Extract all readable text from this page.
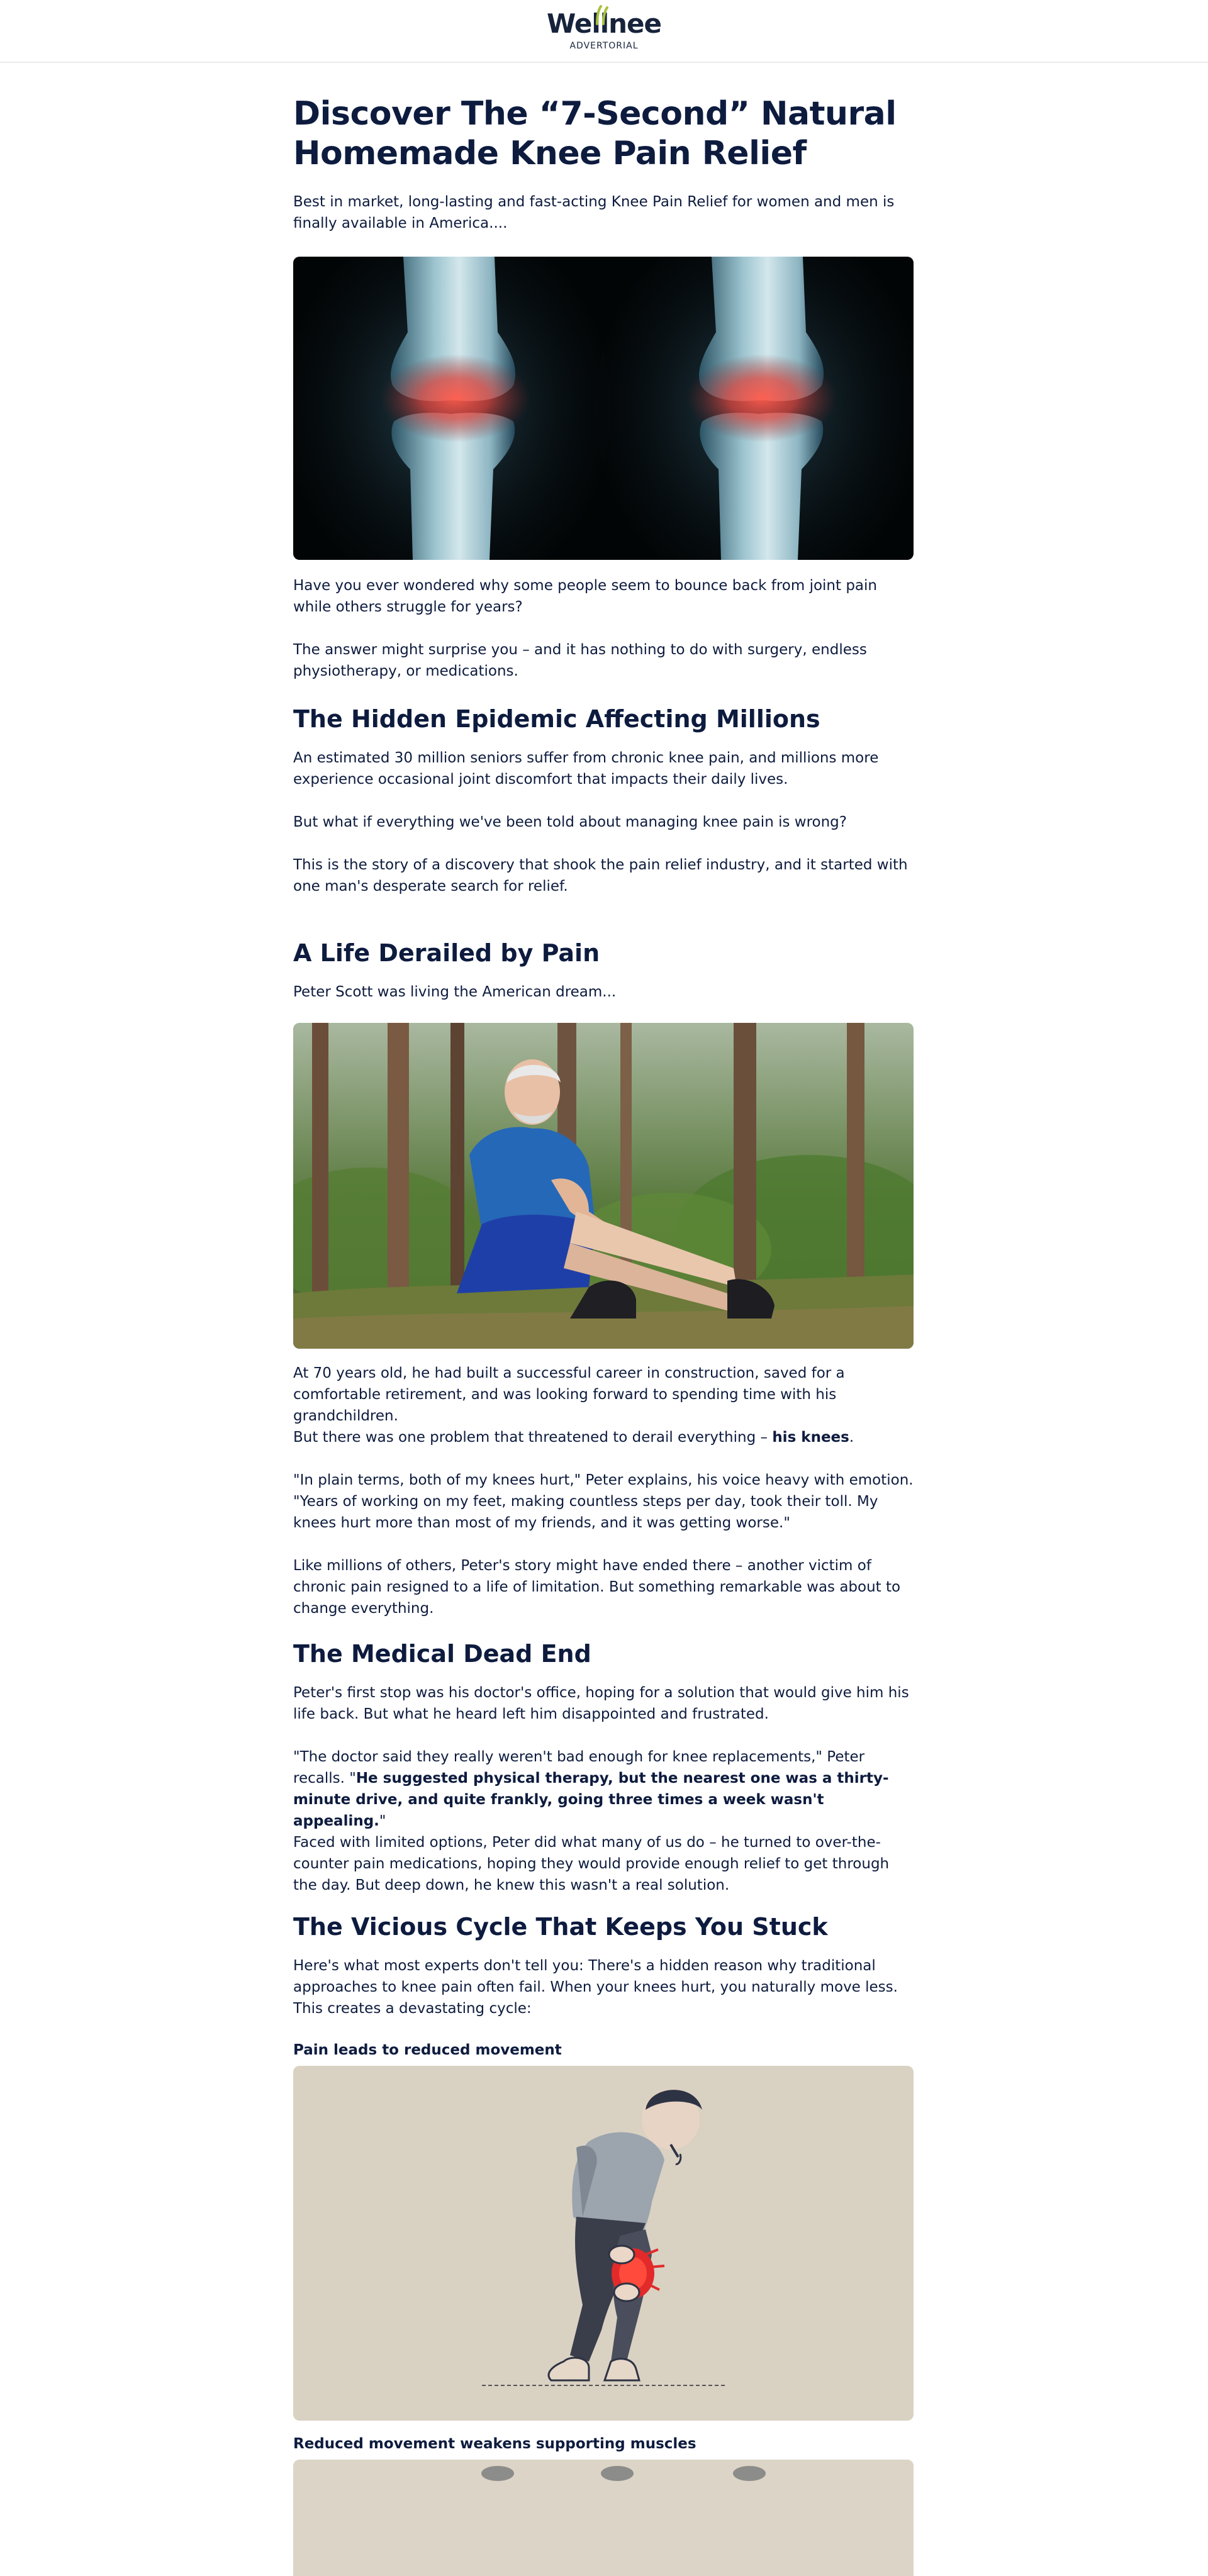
Wellnee
ADVERTORIAL
Discover The “7-Second” Natural Homemade Knee Pain Relief

Best in market, long-lasting and fast-acting Knee Pain Relief for women and men is finally available in America....

Have you ever wondered why some people seem to bounce back from joint pain while others struggle for years?

The answer might surprise you – and it has nothing to do with surgery, endless physiotherapy, or medications.

The Hidden Epidemic Affecting Millions

An estimated 30 million seniors suffer from chronic knee pain, and millions more experience occasional joint discomfort that impacts their daily lives.

But what if everything we've been told about managing knee pain is wrong?

This is the story of a discovery that shook the pain relief industry, and it started with one man's desperate search for relief.

A Life Derailed by Pain

Peter Scott was living the American dream...

At 70 years old, he had built a successful career in construction, saved for a comfortable retirement, and was looking forward to spending time with his grandchildren.

But there was one problem that threatened to derail everything – his knees.

"In plain terms, both of my knees hurt," Peter explains, his voice heavy with emotion. "Years of working on my feet, making countless steps per day, took their toll. My knees hurt more than most of my friends, and it was getting worse."

Like millions of others, Peter's story might have ended there – another victim of chronic pain resigned to a life of limitation. But something remarkable was about to change everything.

The Medical Dead End

Peter's first stop was his doctor's office, hoping for a solution that would give him his life back. But what he heard left him disappointed and frustrated.

"The doctor said they really weren't bad enough for knee replacements," Peter recalls. "He suggested physical therapy, but the nearest one was a thirty-minute drive, and quite frankly, going three times a week wasn't appealing."

Faced with limited options, Peter did what many of us do – he turned to over-the-counter pain medications, hoping they would provide enough relief to get through the day. But deep down, he knew this wasn't a real solution.

The Vicious Cycle That Keeps You Stuck

Here's what most experts don't tell you: There's a hidden reason why traditional approaches to knee pain often fail. When your knees hurt, you naturally move less. This creates a devastating cycle:

Pain leads to reduced movement
Reduced movement weakens supporting muscles
